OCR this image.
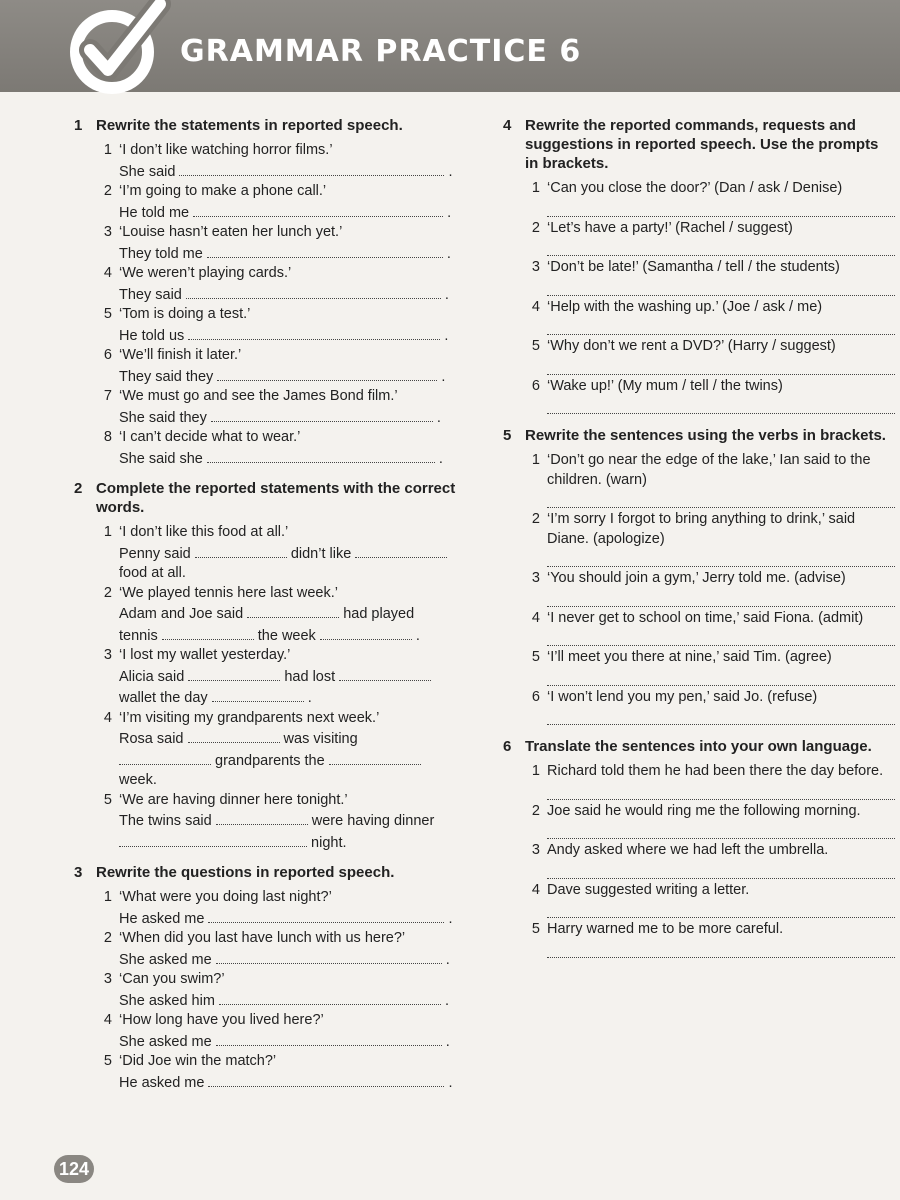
GRAMMAR PRACTICE 6
1 Rewrite the statements in reported speech.
1 ‘I don’t like watching horror films.’
She said	.
2 ‘I’m going to make a phone call.’
He told me	.
3 ‘Louise hasn’t eaten her lunch yet.’
They told me	.
4 ‘We weren’t playing cards.’
They said	.
5 ‘Tom is doing a test.’
He told us	.
6 ‘We’ll finish it later.’
They said they	.
7 ‘We must go and see the James Bond film.’
She said they	.
8 ‘I can’t decide what to wear.’
She said she	.
2 Complete the reported statements with the correct words.
1 ‘I don’t like this food at all.’
Penny said	didn’t like
food at all.
2 ‘We played tennis here last week.’
Adam and Joe said	had played
tennis	the week	.
3 ‘I lost my wallet yesterday.’
Alicia said	had lost
wallet the day	.
4 ‘I’m visiting my grandparents next week.’
Rosa said	was visiting
grandparents the
week.
5 ‘We are having dinner here tonight.’
The twins said	were having dinner
night.
3 Rewrite the questions in reported speech.
1 ‘What were you doing last night?’
He asked me	.
2 ‘When did you last have lunch with us here?’
She asked me	.
3 ‘Can you swim?’
She asked him	.
4 ‘How long have you lived here?’
She asked me	.
5 ‘Did Joe win the match?’
He asked me	.
4 Rewrite the reported commands, requests and suggestions in reported speech. Use the prompts in brackets.
1 ‘Can you close the door?’ (Dan / ask / Denise)
2 ‘Let’s have a party!’ (Rachel / suggest)
3 ‘Don’t be late!’ (Samantha / tell / the students)
4 ‘Help with the washing up.’ (Joe / ask / me)
5 ‘Why don’t we rent a DVD?’ (Harry / suggest)
6 ‘Wake up!’ (My mum / tell / the twins)
5 Rewrite the sentences using the verbs in brackets.
1 ‘Don’t go near the edge of the lake,’ Ian said to the children. (warn)
2 ‘I’m sorry I forgot to bring anything to drink,’ said Diane. (apologize)
3 ‘You should join a gym,’ Jerry told me. (advise)
4 ‘I never get to school on time,’ said Fiona. (admit)
5 ‘I’ll meet you there at nine,’ said Tim. (agree)
6 ‘I won’t lend you my pen,’ said Jo. (refuse)
6 Translate the sentences into your own language.
1 Richard told them he had been there the day before.
2 Joe said he would ring me the following morning.
3 Andy asked where we had left the umbrella.
4 Dave suggested writing a letter.
5 Harry warned me to be more careful.
124
